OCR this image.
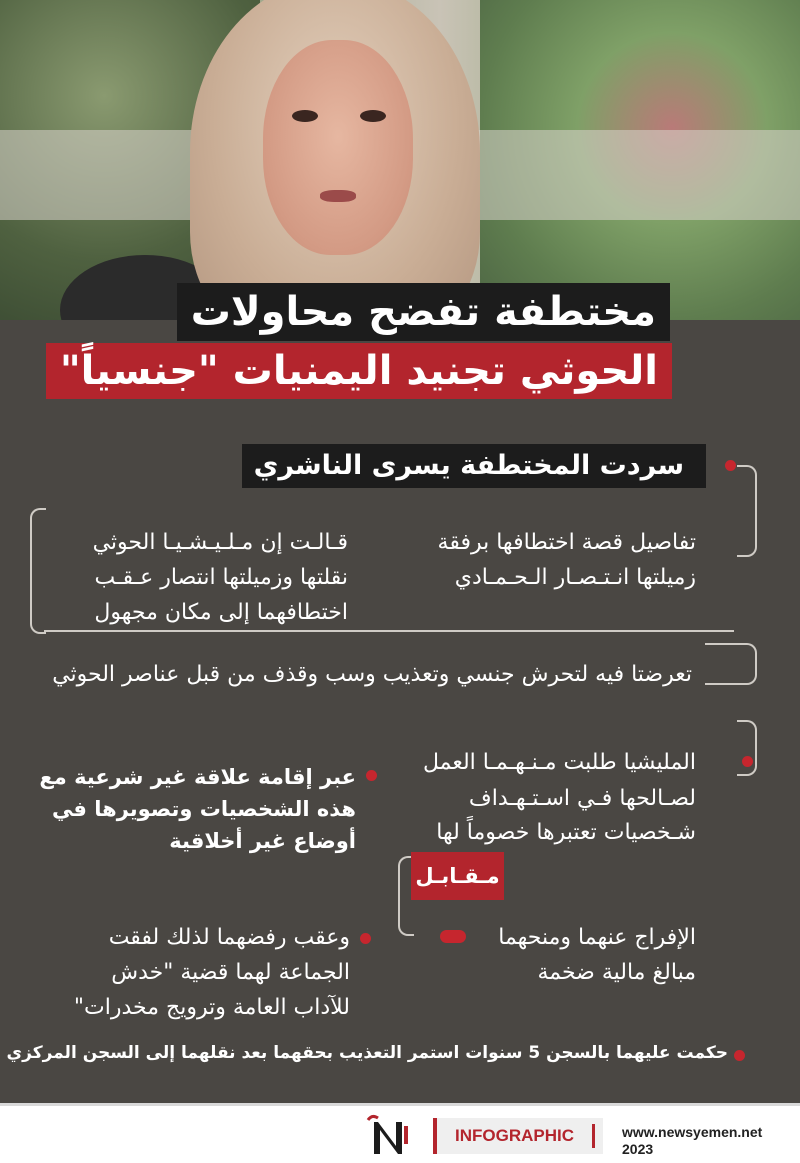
مختطفة تفضح محاولات
الحوثي تجنيد اليمنيات "جنسياً"
سردت المختطفة يسرى الناشري
تفاصيل قصة اختطافها برفقة
زميلتها انـتـصـار الـحـمـادي
قـالـت إن مـلـيـشـيـا الحوثي
نقلتها وزميلتها انتصار عـقـب
اختطافهما إلى مكان مجهول
تعرضتا فيه لتحرش جنسي وتعذيب وسب وقذف من قبل عناصر الحوثي
المليشيا طلبت مـنـهـمـا العمل
لصـالحها فـي اسـتـهـداف
شـخصيات تعتبرها خصوماً لها
عبر إقامة علاقة غير شرعية مع
هذه الشخصيات وتصويرها في
أوضاع غير أخلاقية
مـقـابـل
الإفراج عنهما ومنحهما
مبالغ مالية ضخمة
وعقب رفضهما لذلك لفقت
الجماعة لهما قضية "خدش
للآداب العامة وترويج مخدرات"
حكمت عليهما بالسجن 5 سنوات استمر التعذيب بحقهما بعد نقلهما إلى السجن المركزي
INFOGRAPHIC	www.newsyemen.net
2023
